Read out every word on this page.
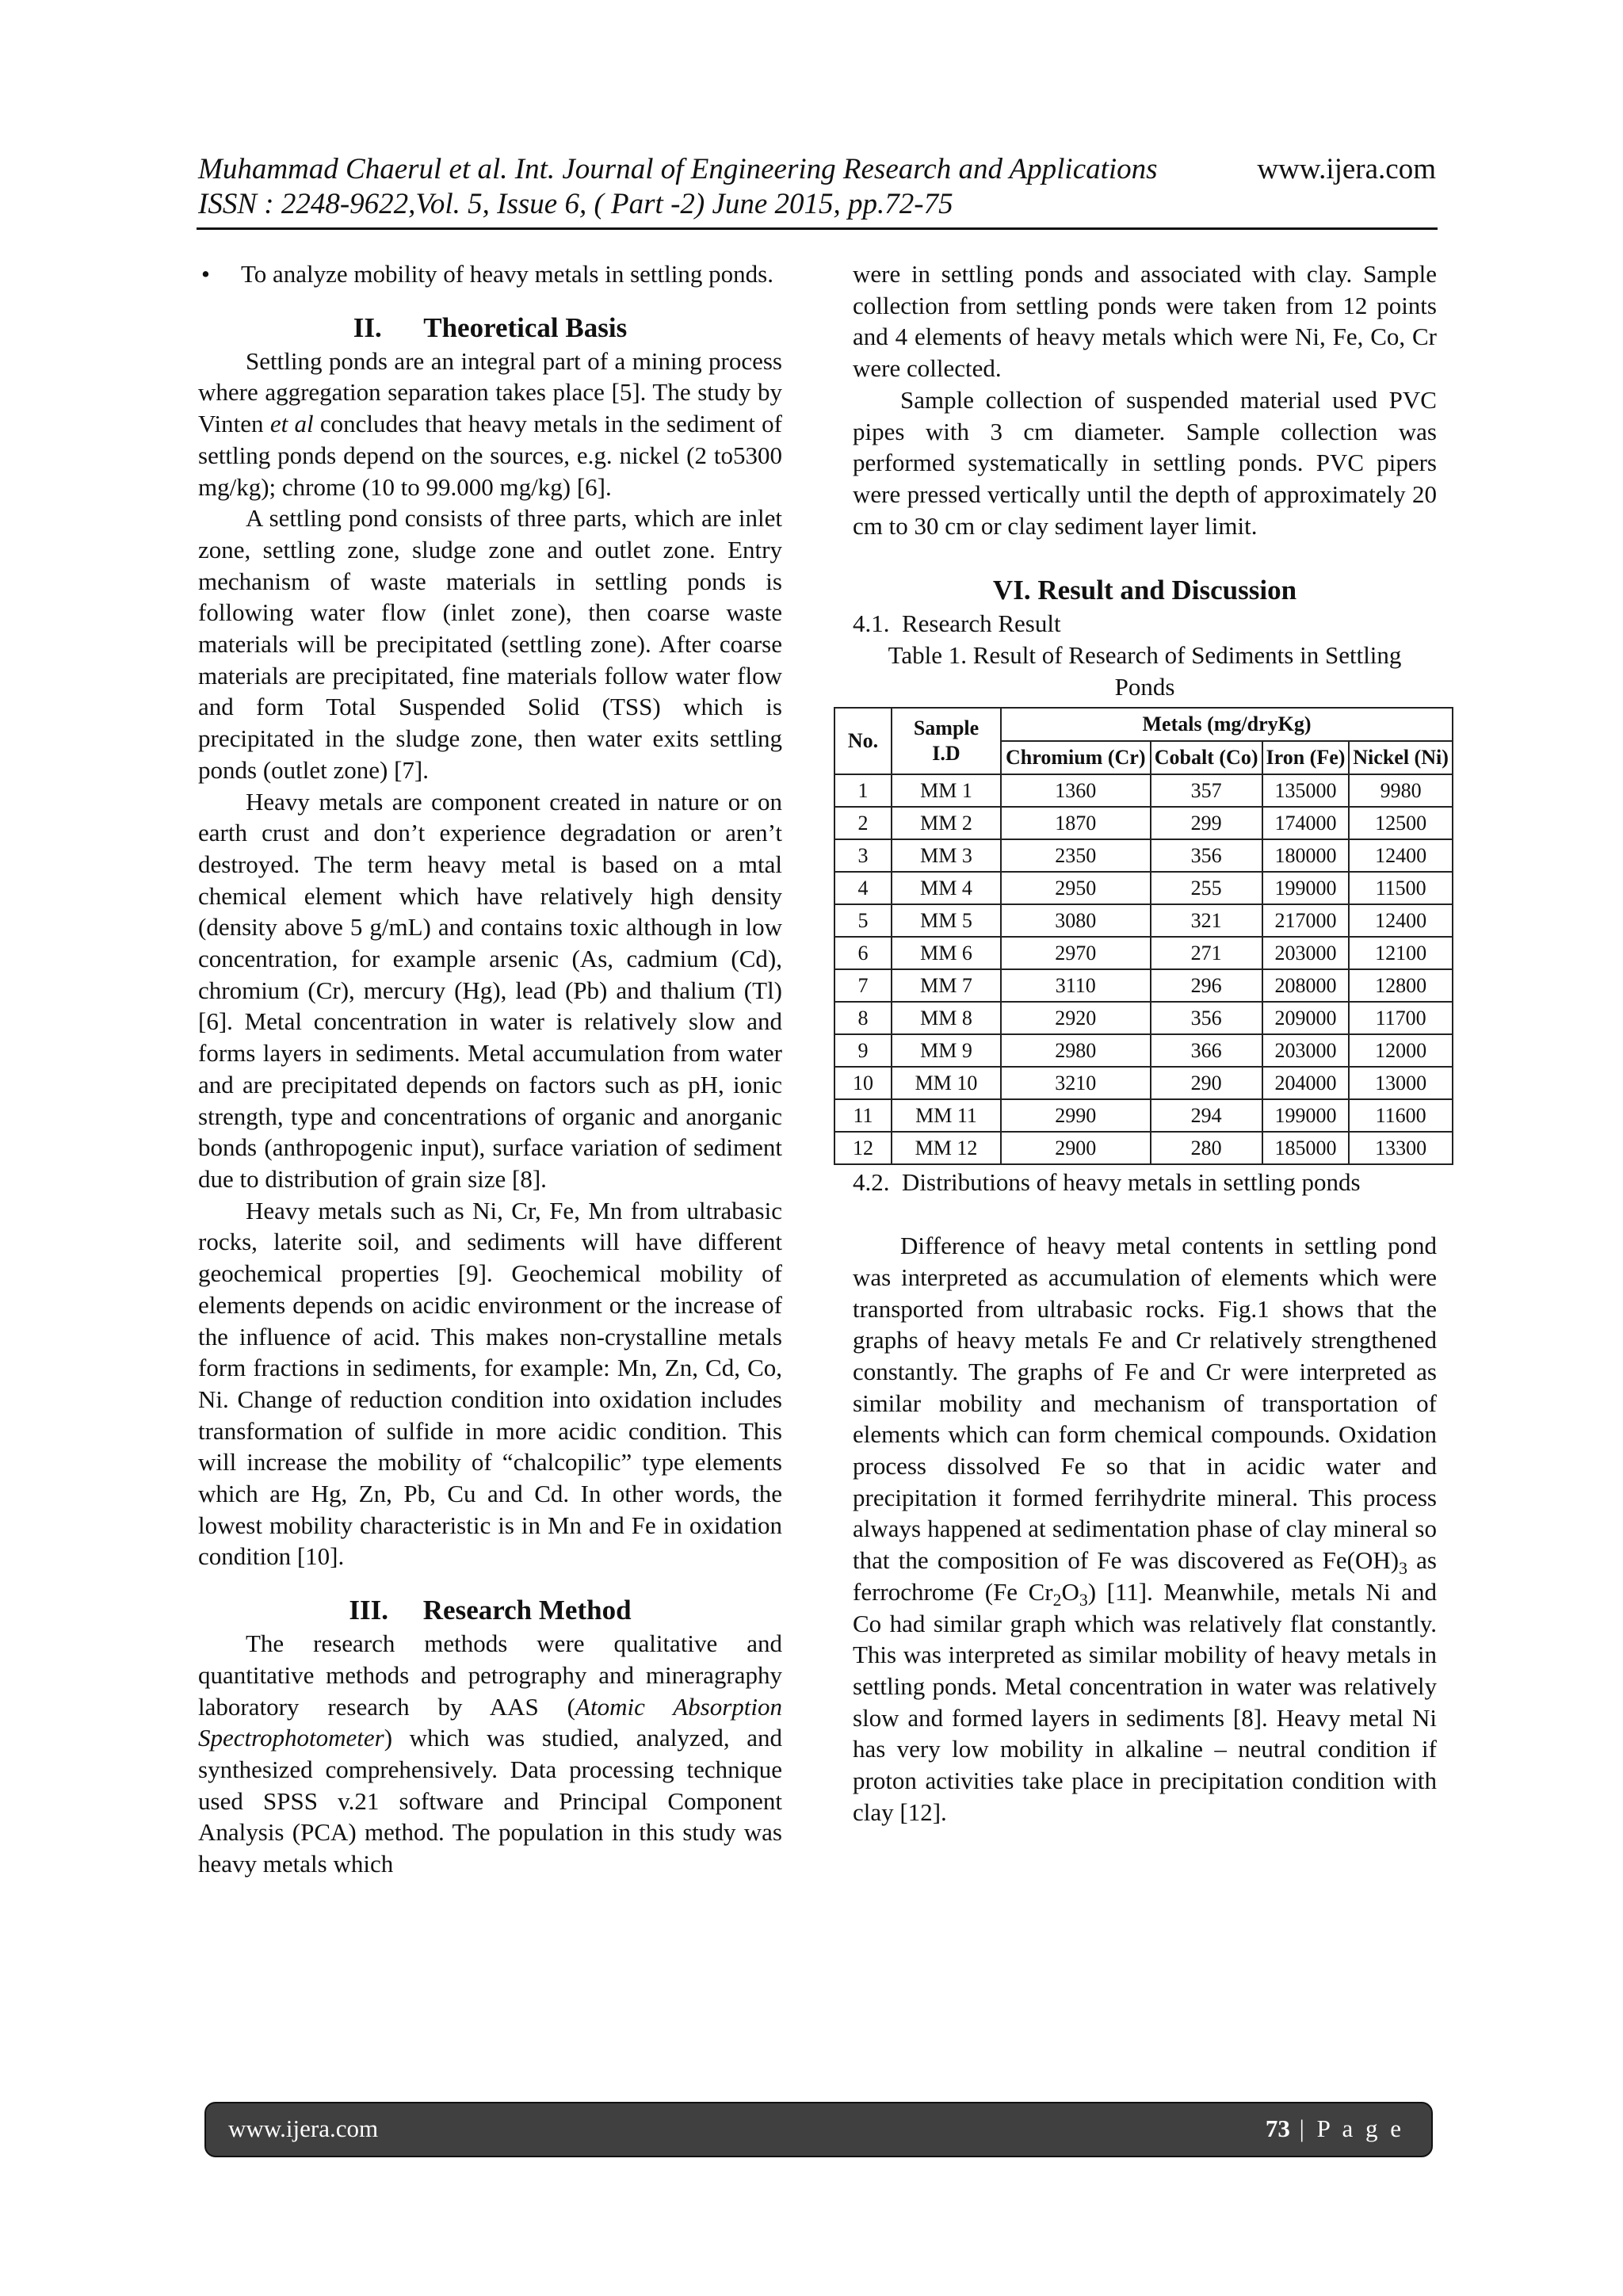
Muhammad Chaerul et al. Int. Journal of Engineering Research and Applications	www.ijera.com
ISSN : 2248-9622,Vol. 5, Issue 6, ( Part -2) June 2015, pp.72-75
•	To analyze mobility of heavy metals in settling ponds.

II.      Theoretical Basis

Settling ponds are an integral part of a mining process where aggregation separation takes place [5]. The study by Vinten et al concludes that heavy metals in the sediment of settling ponds depend on the sources, e.g. nickel (2 to5300 mg/kg); chrome (10 to 99.000 mg/kg) [6].

A settling pond consists of three parts, which are inlet zone, settling zone, sludge zone and outlet zone. Entry mechanism of waste materials in settling ponds is following water flow (inlet zone), then coarse waste materials will be precipitated (settling zone). After coarse materials are precipitated, fine materials follow water flow and form Total Suspended Solid (TSS) which is precipitated in the sludge zone, then water exits settling ponds (outlet zone) [7].

Heavy metals are component created in nature or on earth crust and don’t experience degradation or aren’t destroyed. The term heavy metal is based on a mtal chemical element which have relatively high density (density above 5 g/mL) and contains toxic although in low concentration, for example arsenic (As, cadmium (Cd), chromium (Cr), mercury (Hg), lead (Pb) and thalium (Tl) [6]. Metal concentration in water is relatively slow and forms layers in sediments. Metal accumulation from water and are precipitated depends on factors such as pH, ionic strength, type and concentrations of organic and anorganic bonds (anthropogenic input), surface variation of sediment due to distribution of grain size [8].

Heavy metals such as Ni, Cr, Fe, Mn from ultrabasic rocks, laterite soil, and sediments will have different geochemical properties [9]. Geochemical mobility of elements depends on acidic environment or the increase of the influence of acid. This makes non-crystalline metals form fractions in sediments, for example: Mn, Zn, Cd, Co, Ni. Change of reduction condition into oxidation includes transformation of sulfide in more acidic condition. This will increase the mobility of “chalcopilic” type elements which are Hg, Zn, Pb, Cu and Cd. In other words, the lowest mobility characteristic is in Mn and Fe in oxidation condition [10].

III.     Research Method

The research methods were qualitative and quantitative methods and petrography and mineragraphy laboratory research by AAS (Atomic Absorption Spectrophotometer) which was studied, analyzed, and synthesized comprehensively. Data processing technique used SPSS v.21 software and Principal Component Analysis (PCA) method. The population in this study was heavy metals which

were in settling ponds and associated with clay. Sample collection from settling ponds were taken from 12 points and 4 elements of heavy metals which were Ni, Fe, Co, Cr were collected.

Sample collection of suspended material used PVC pipes with 3 cm diameter. Sample collection was performed systematically in settling ponds. PVC pipers were pressed vertically until the depth of approximately 20 cm to 30 cm or clay sediment layer limit.

VI. Result and Discussion

4.1.  Research Result

Table 1. Result of Research of Sediments in Settling Ponds

No.	Sample I.D	Metals (mg/dryKg)			
		Chromium (Cr)	Cobalt (Co)	Iron (Fe)	Nickel (Ni)
1	MM 1	1360	357	135000	9980
2	MM 2	1870	299	174000	12500
3	MM 3	2350	356	180000	12400
4	MM 4	2950	255	199000	11500
5	MM 5	3080	321	217000	12400
6	MM 6	2970	271	203000	12100
7	MM 7	3110	296	208000	12800
8	MM 8	2920	356	209000	11700
9	MM 9	2980	366	203000	12000
10	MM 10	3210	290	204000	13000
11	MM 11	2990	294	199000	11600
12	MM 12	2900	280	185000	13300

4.2.  Distributions of heavy metals in settling ponds

Difference of heavy metal contents in settling pond was interpreted as accumulation of elements which were transported from ultrabasic rocks. Fig.1 shows that the graphs of heavy metals Fe and Cr relatively strengthened constantly. The graphs of Fe and Cr were interpreted as similar mobility and mechanism of transportation of elements which can form chemical compounds. Oxidation process dissolved Fe so that in acidic water and precipitation it formed ferrihydrite mineral. This process always happened at sedimentation phase of clay mineral so that the composition of Fe was discovered as $Fe(OH)_3$ as ferrochrome (Fe $Cr_2O_3$) [11]. Meanwhile, metals Ni and Co had similar graph which was relatively flat constantly. This was interpreted as similar mobility of heavy metals in settling ponds. Metal concentration in water was relatively slow and formed layers in sediments [8]. Heavy metal Ni has very low mobility in alkaline – neutral condition if proton activities take place in precipitation condition with clay [12].

www.ijera.com	73 | P a g e
